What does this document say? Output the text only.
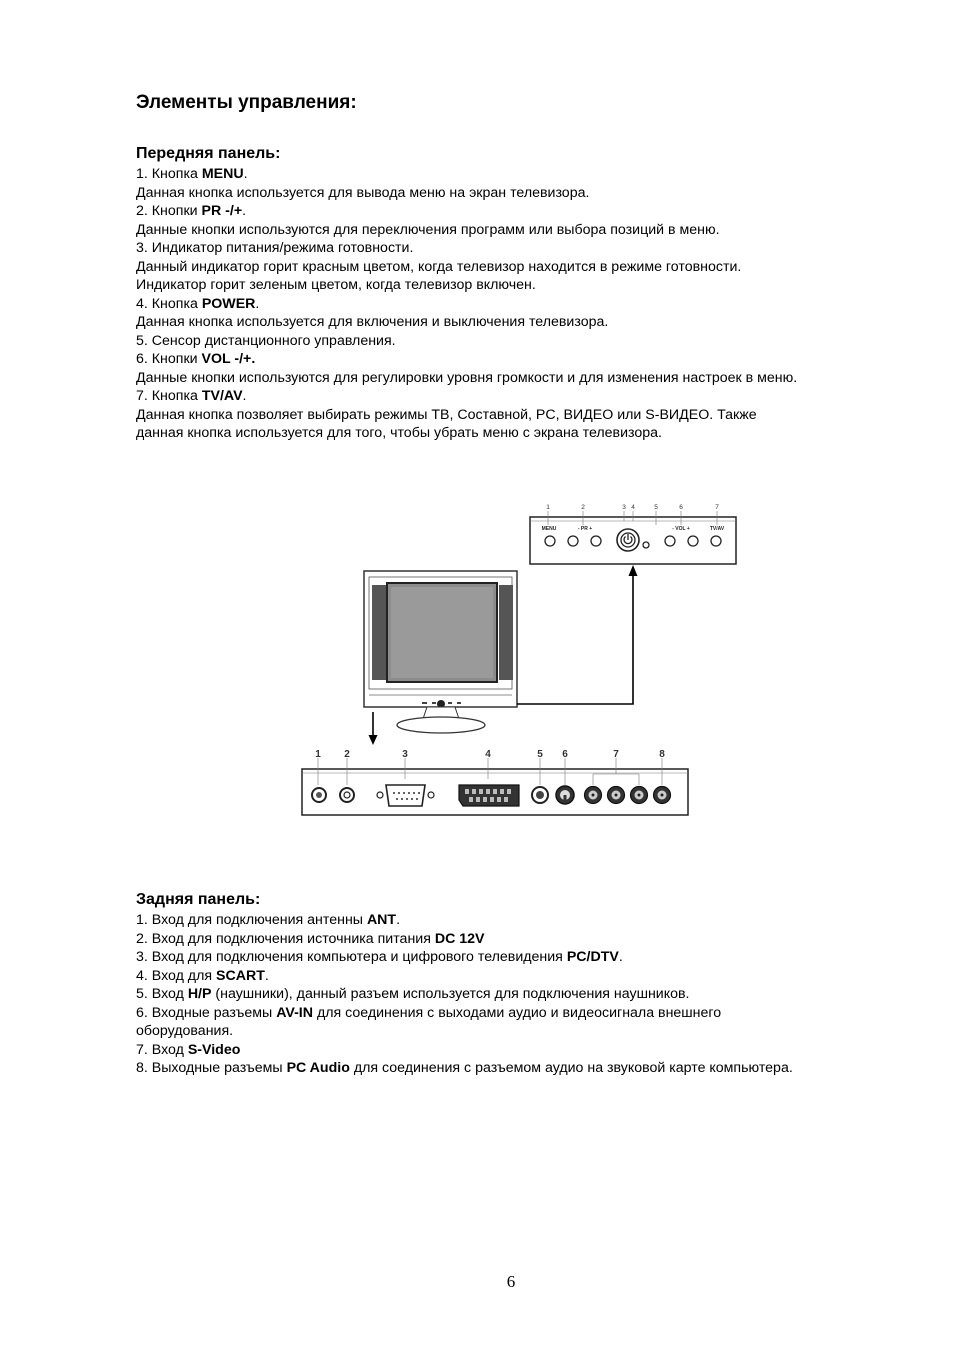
Элементы управления:
Передняя панель:
1. Кнопка MENU.
Данная кнопка используется для вывода меню на экран телевизора.
2. Кнопки PR -/+.
Данные кнопки используются для переключения программ или выбора позиций в меню.
3. Индикатор питания/режима готовности.
Данный индикатор горит красным цветом, когда телевизор находится в режиме готовности.
Индикатор горит зеленым цветом, когда телевизор включен.
4. Кнопка POWER.
Данная кнопка используется для включения и выключения телевизора.
5. Сенсор дистанционного управления.
6. Кнопки VOL -/+.
Данные кнопки используются для регулировки уровня громкости и для изменения настроек в меню.
7. Кнопка TV/AV.
Данная кнопка позволяет выбирать режимы ТВ, Составной, PC, ВИДЕО или S-ВИДЕО. Также
данная кнопка используется для того, чтобы убрать меню с экрана телевизора.
1	2	3 4	5	6	7
MENU	- PR +	- VOL +	TV/AV
1 2	3	4	5 6	7	8
Задняя панель:
1. Вход для подключения антенны ANT.
2. Вход для подключения источника питания DC 12V
3. Вход для подключения компьютера и цифрового телевидения PC/DTV.
4. Вход для SCART.
5. Вход H/P (наушники), данный разъем используется для подключения наушников.
6. Входные разъемы AV-IN для соединения с выходами аудио и видеосигнала внешнего
оборудования.
7. Вход S-Video
8. Выходные разъемы PC Audio для соединения с разъемом аудио на звуковой карте компьютера.
6
